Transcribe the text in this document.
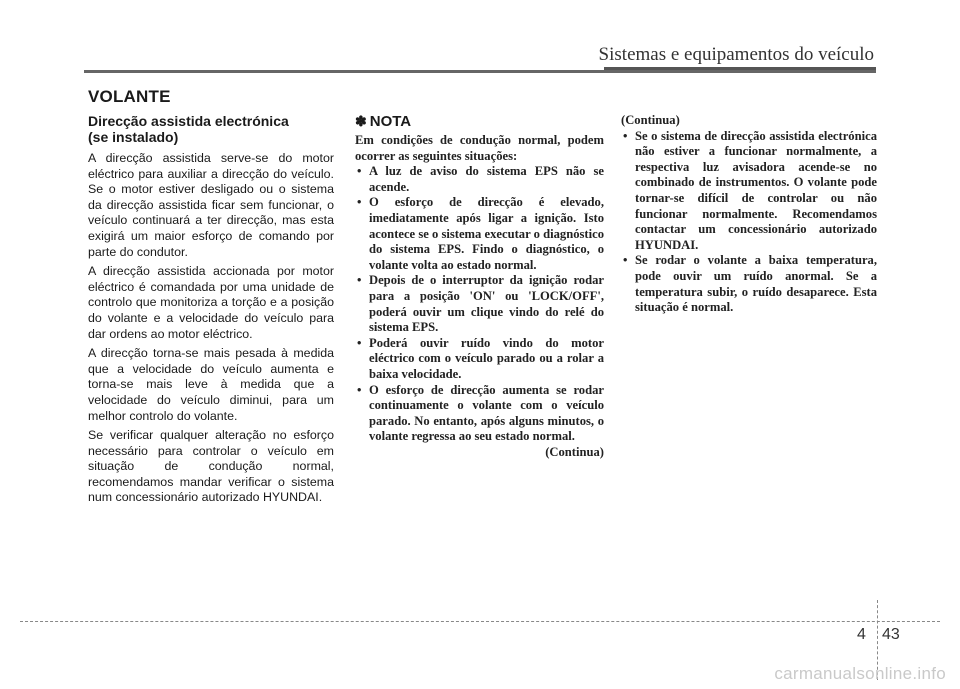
Sistemas e equipamentos do veículo
VOLANTE
Direcção assistida electrónica
(se instalado)

A direcção assistida serve-se do motor eléctrico para auxiliar a direcção do veículo. Se o motor estiver desligado ou o sistema da direcção assistida ficar sem funcionar, o veículo continuará a ter direcção, mas esta exigirá um maior esforço de comando por parte do condutor.

A direcção assistida accionada por motor eléctrico é comandada por uma unidade de controlo que monitoriza a torção e a posição do volante e a velocidade do veículo para dar ordens ao motor eléctrico.

A direcção torna-se mais pesada à medida que a velocidade do veículo aumenta e torna-se mais leve à medida que a velocidade do veículo diminui, para um melhor controlo do volante.

Se verificar qualquer alteração no esforço necessário para controlar o veículo em situação de condução normal, recomendamos mandar verificar o sistema num concessionário autorizado HYUNDAI.

✽ NOTA

Em condições de condução normal, podem ocorrer as seguintes situações:

• A luz de aviso do sistema EPS não se acende.
• O esforço de direcção é elevado, imediatamente após ligar a ignição. Isto acontece se o sistema executar o diagnóstico do sistema EPS. Findo o diagnóstico, o volante volta ao estado normal.
• Depois de o interruptor da ignição rodar para a posição 'ON' ou 'LOCK/OFF', poderá ouvir um clique vindo do relé do sistema EPS.
• Poderá ouvir ruído vindo do motor eléctrico com o veículo parado ou a rolar a baixa velocidade.
• O esforço de direcção aumenta se rodar continuamente o volante com o veículo parado. No entanto, após alguns minutos, o volante regressa ao seu estado normal.

(Continua)

(Continua)

• Se o sistema de direcção assistida electrónica não estiver a funcionar normalmente, a respectiva luz avisadora acende-se no combinado de instrumentos. O volante pode tornar-se difícil de controlar ou não funcionar normalmente. Recomendamos contactar um concessionário autorizado HYUNDAI.
• Se rodar o volante a baixa temperatura, pode ouvir um ruído anormal. Se a temperatura subir, o ruído desaparece. Esta situação é normal.
4 43
carmanualsonline.info
